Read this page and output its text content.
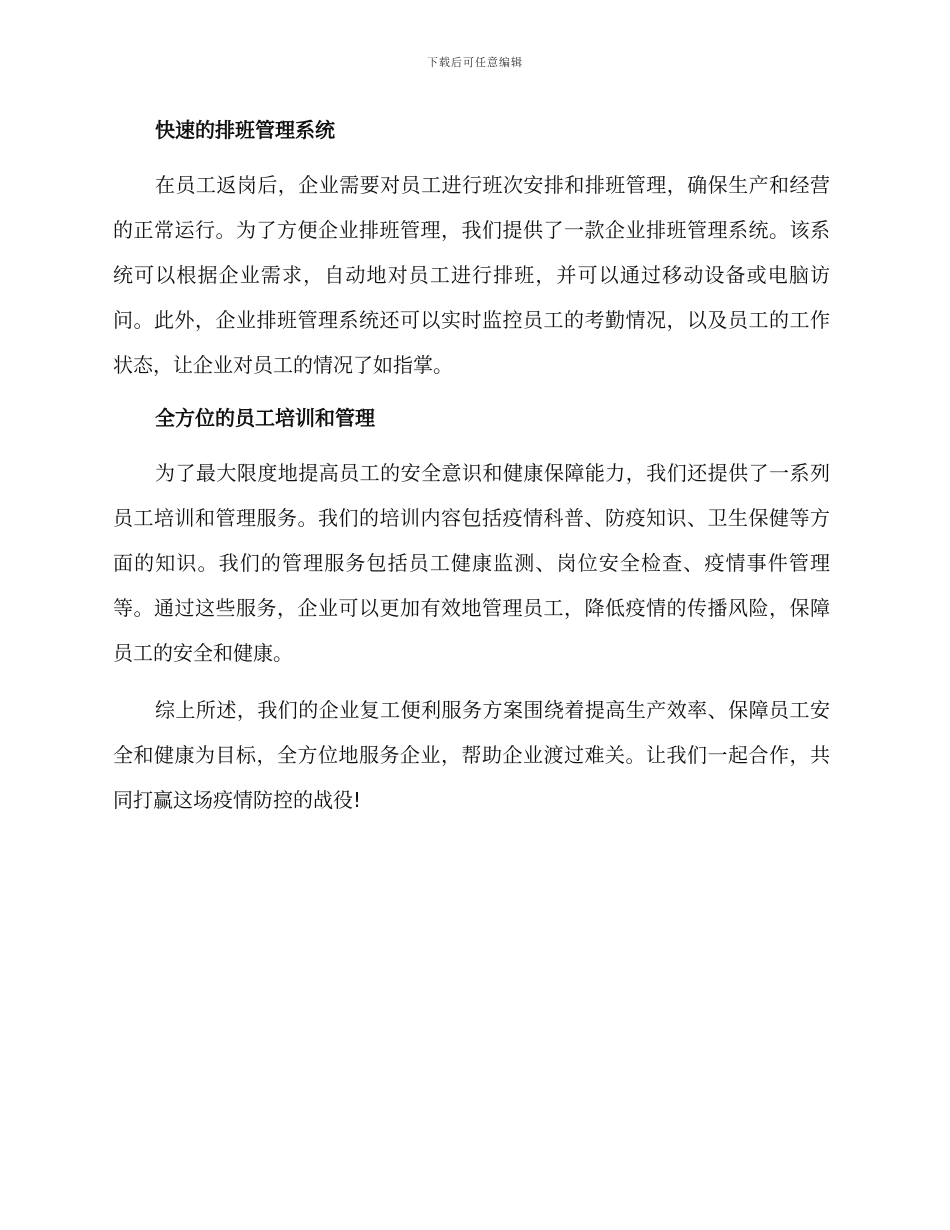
下载后可任意编辑
快速的排班管理系统

在员工返岗后，企业需要对员工进行班次安排和排班管理，确保生产和经营的正常运行。为了方便企业排班管理，我们提供了一款企业排班管理系统。该系统可以根据企业需求，自动地对员工进行排班，并可以通过移动设备或电脑访问。此外，企业排班管理系统还可以实时监控员工的考勤情况，以及员工的工作状态，让企业对员工的情况了如指掌。

全方位的员工培训和管理

为了最大限度地提高员工的安全意识和健康保障能力，我们还提供了一系列员工培训和管理服务。我们的培训内容包括疫情科普、防疫知识、卫生保健等方面的知识。我们的管理服务包括员工健康监测、岗位安全检查、疫情事件管理等。通过这些服务，企业可以更加有效地管理员工，降低疫情的传播风险，保障员工的安全和健康。

综上所述，我们的企业复工便利服务方案围绕着提高生产效率、保障员工安全和健康为目标，全方位地服务企业，帮助企业渡过难关。让我们一起合作，共同打赢这场疫情防控的战役!
